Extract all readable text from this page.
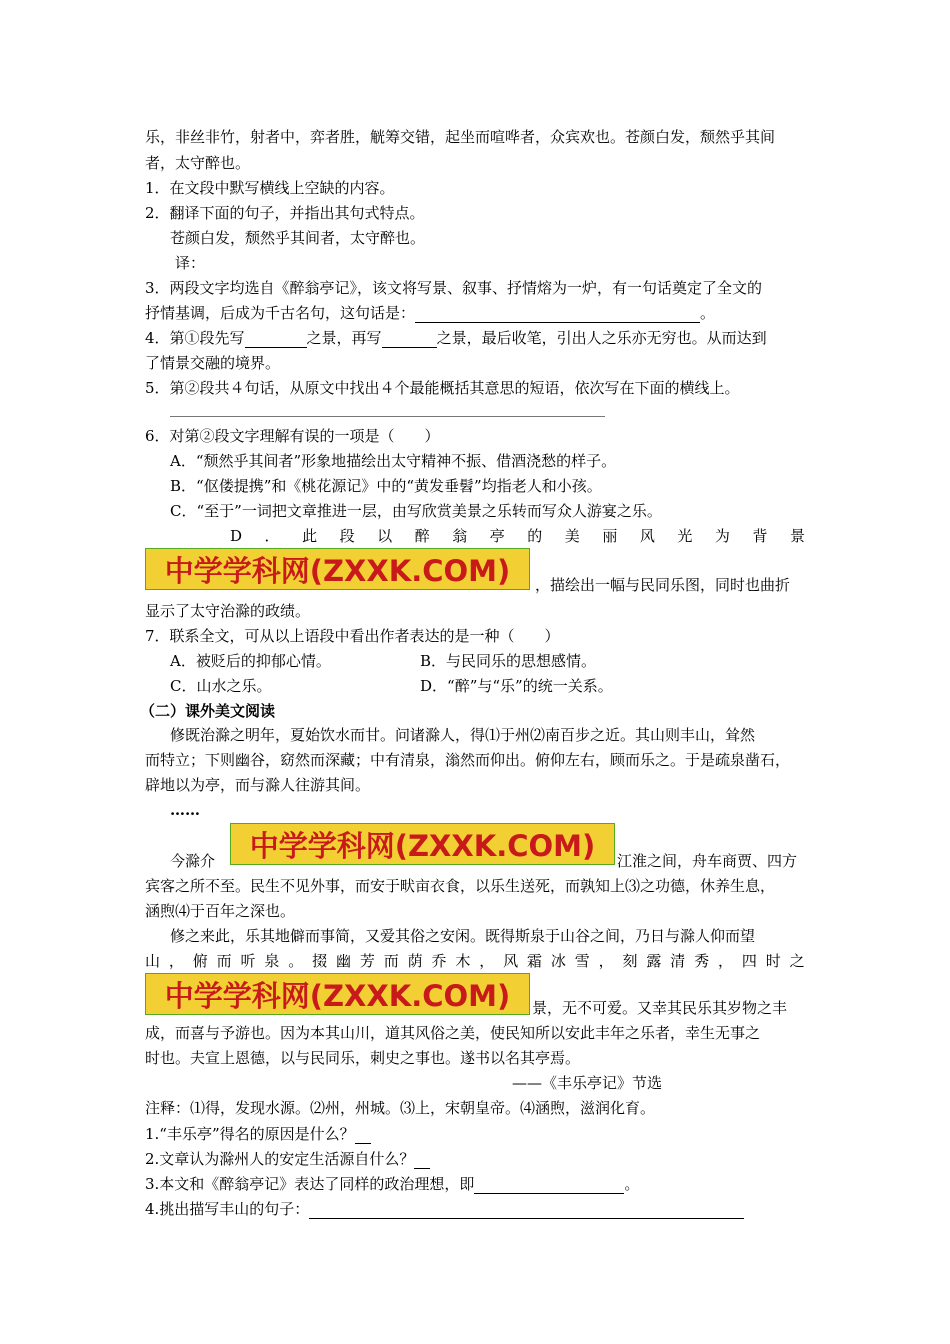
乐，非丝非竹，射者中，弈者胜，觥筹交错，起坐而喧哗者，众宾欢也。苍颜白发，颓然乎其间
者，太守醉也。
1．在文段中默写横线上空缺的内容。
2．翻译下面的句子，并指出其句式特点。
苍颜白发，颓然乎其间者，太守醉也。
译：
3．两段文字均选自《醉翁亭记》，该文将写景、叙事、抒情熔为一炉，有一句话奠定了全文的
抒情基调，后成为千古名句，这句话是：	。
4．第①段先写	之景，再写	之景，最后收笔，引出人之乐亦无穷也。从而达到
了情景交融的境界。
5．第②段共４句话，从原文中找出４个最能概括其意思的短语，依次写在下面的横线上。
6．对第②段文字理解有误的一项是（　　）
A．“颓然乎其间者”形象地描绘出太守精神不振、借酒浇愁的样子。
B．“伛偻提携”和《桃花源记》中的“黄发垂髫”均指老人和小孩。
C．“至于”一词把文章推进一层，由写欣赏美景之乐转而写众人游宴之乐。
D ． 此 段 以 醉 翁 亭 的 美 丽 风 光 为 背 景
中学学科网(ZXXK.COM) ，描绘出一幅与民同乐图，同时也曲折
显示了太守治滁的政绩。
7．联系全文，可从以上语段中看出作者表达的是一种（　　）
A．被贬后的抑郁心情。	B．与民同乐的思想感情。
C．山水之乐。	D．“醉”与“乐”的统一关系。
（二）课外美文阅读
修既治滁之明年，夏始饮水而甘。问诸滁人，得⑴于州⑵南百步之近。其山则丰山，耸然
而特立；下则幽谷，窈然而深藏；中有清泉，滃然而仰出。俯仰左右，顾而乐之。于是疏泉凿石，
辟地以为亭，而与滁人往游其间。
……
今滁介 中学学科网(ZXXK.COM) 江淮之间，舟车商贾、四方
宾客之所不至。民生不见外事，而安于畎亩衣食，以乐生送死，而孰知上⑶之功德，休养生息，
涵煦⑷于百年之深也。
修之来此，乐其地僻而事简，又爱其俗之安闲。既得斯泉于山谷之间，乃日与滁人仰而望
山 ， 俯 而 听 泉 。 掇 幽 芳 而 荫 乔 木 ， 风 霜 冰 雪 ， 刻 露 清 秀 ， 四 时 之
中学学科网(ZXXK.COM) 景，无不可爱。又幸其民乐其岁物之丰
成，而喜与予游也。因为本其山川，道其风俗之美，使民知所以安此丰年之乐者，幸生无事之
时也。夫宣上恩德，以与民同乐，刺史之事也。遂书以名其亭焉。
——《丰乐亭记》节选
注释：⑴得，发现水源。⑵州，州城。⑶上，宋朝皇帝。⑷涵煦，滋润化育。
1.“丰乐亭”得名的原因是什么？
2.文章认为滁州人的安定生活源自什么？
3.本文和《醉翁亭记》表达了同样的政治理想，即	。
4.挑出描写丰山的句子：
